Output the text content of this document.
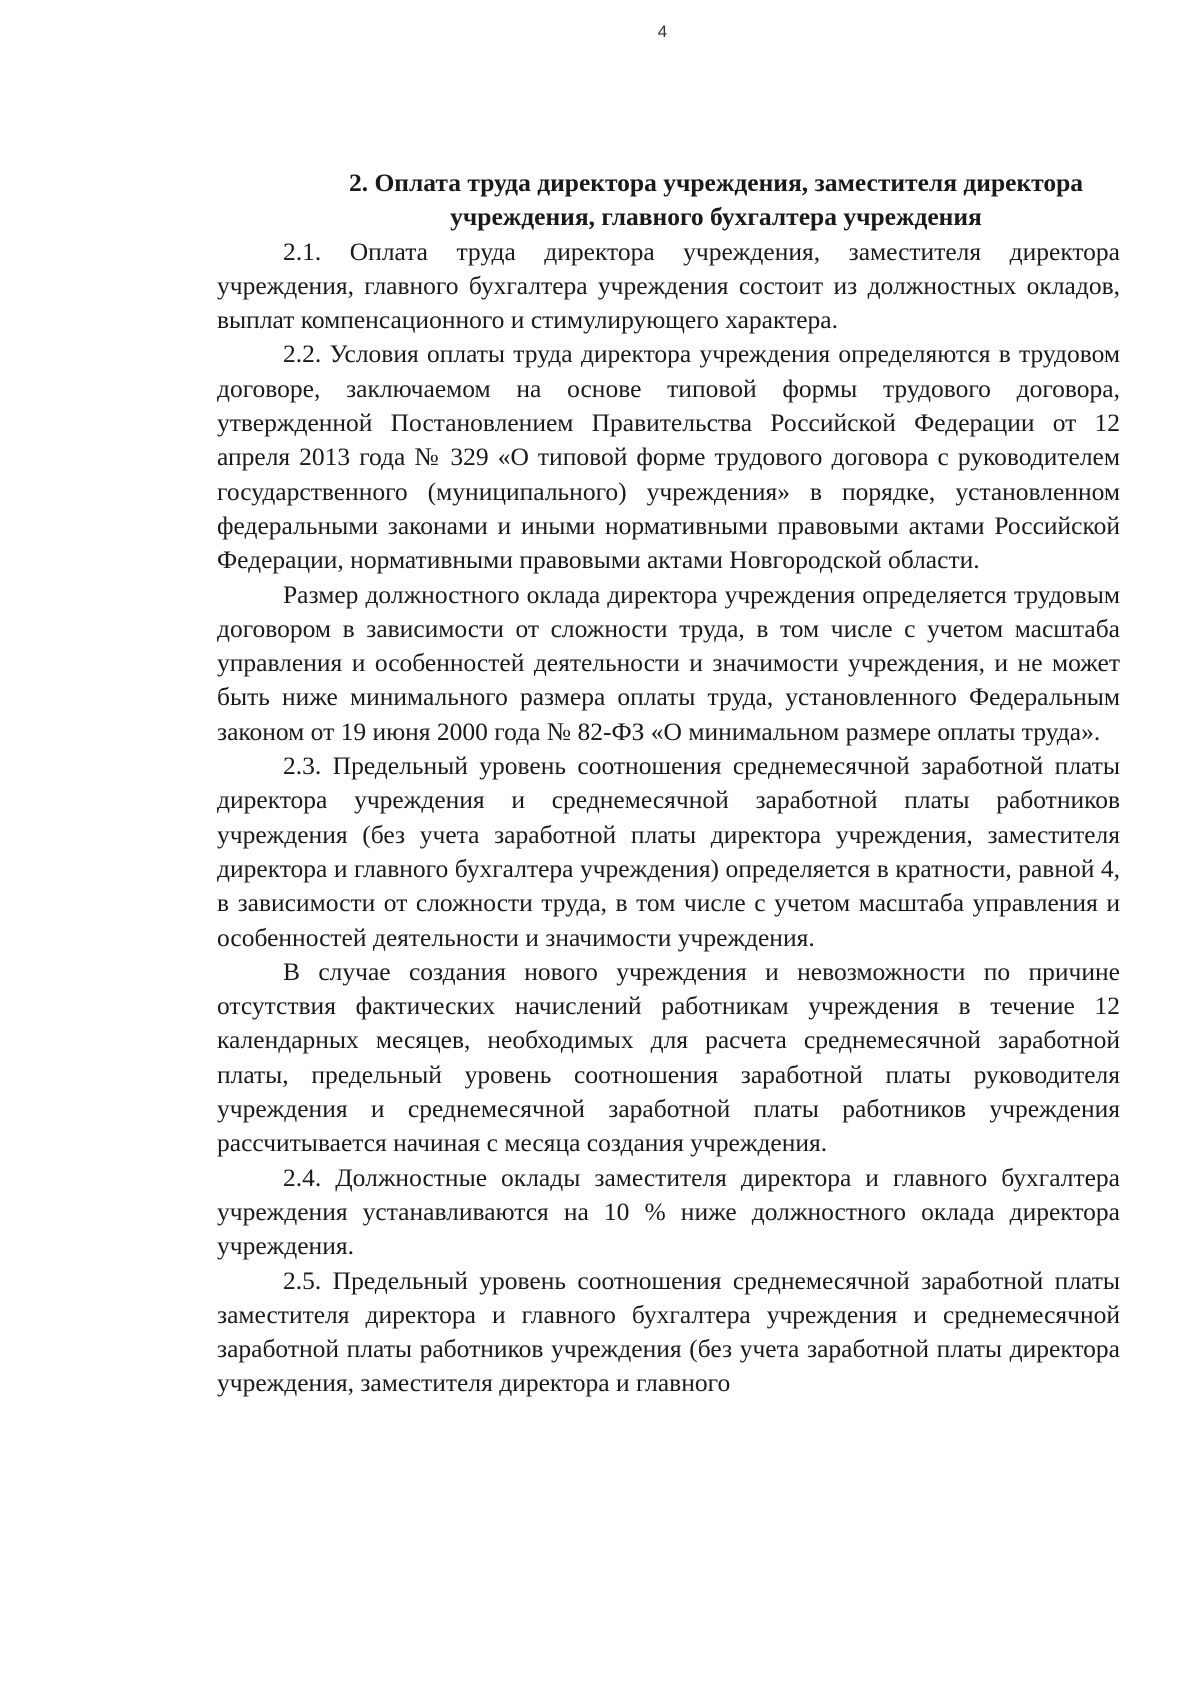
4
2. Оплата труда директора учреждения, заместителя директора учреждения, главного бухгалтера учреждения

2.1. Оплата труда директора учреждения, заместителя директора учреждения, главного бухгалтера учреждения состоит из должностных окладов, выплат компенсационного и стимулирующего характера.

2.2. Условия оплаты труда директора учреждения определяются в трудовом договоре, заключаемом на основе типовой формы трудового договора, утвержденной Постановлением Правительства Российской Федерации от 12 апреля 2013 года № 329 «О типовой форме трудового договора с руководителем государственного (муниципального) учреждения» в порядке, установленном федеральными законами и иными нормативными правовыми актами Российской Федерации, нормативными правовыми актами Новгородской области.

Размер должностного оклада директора учреждения определяется трудовым договором в зависимости от сложности труда, в том числе с учетом масштаба управления и особенностей деятельности и значимости учреждения, и не может быть ниже минимального размера оплаты труда, установленного Федеральным законом от 19 июня 2000 года № 82-ФЗ «О минимальном размере оплаты труда».

2.3. Предельный уровень соотношения среднемесячной заработной платы директора учреждения и среднемесячной заработной платы работников учреждения (без учета заработной платы директора учреждения, заместителя директора и главного бухгалтера учреждения) определяется в кратности, равной 4, в зависимости от сложности труда, в том числе с учетом масштаба управления и особенностей деятельности и значимости учреждения.

В случае создания нового учреждения и невозможности по причине отсутствия фактических начислений работникам учреждения в течение 12 календарных месяцев, необходимых для расчета среднемесячной заработной платы, предельный уровень соотношения заработной платы руководителя учреждения и среднемесячной заработной платы работников учреждения рассчитывается начиная с месяца создания учреждения.

2.4. Должностные оклады заместителя директора и главного бухгалтера учреждения устанавливаются на 10 % ниже должностного оклада директора учреждения.

2.5. Предельный уровень соотношения среднемесячной заработной платы заместителя директора и главного бухгалтера учреждения и среднемесячной заработной платы работников учреждения (без учета заработной платы директора учреждения, заместителя директора и главного
